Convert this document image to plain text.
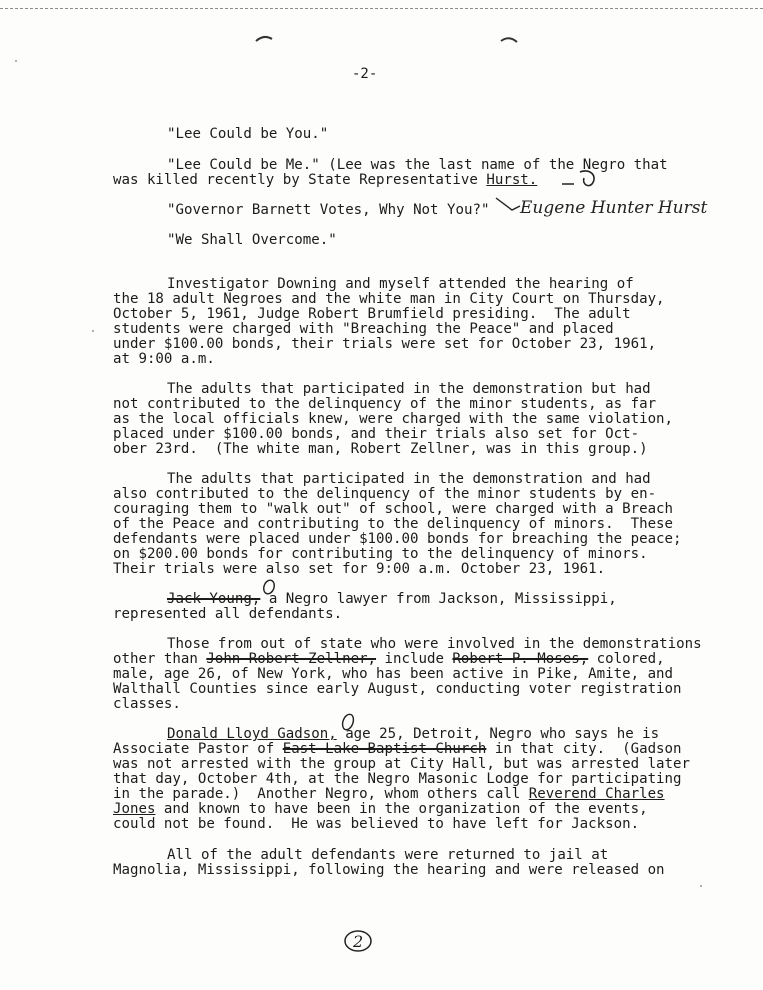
-2-
"Lee Could be You."
"Lee Could be Me." (Lee was the last name of the Negro that
was killed recently by State Representative Hurst.
"Governor Barnett Votes, Why Not You?"
"We Shall Overcome."
Eugene Hunter Hurst
Investigator Downing and myself attended the hearing of
the 18 adult Negroes and the white man in City Court on Thursday,
October 5, 1961, Judge Robert Brumfield presiding.  The adult
students were charged with "Breaching the Peace" and placed
under $100.00 bonds, their trials were set for October 23, 1961,
at 9:00 a.m.
The adults that participated in the demonstration but had
not contributed to the delinquency of the minor students, as far
as the local officials knew, were charged with the same violation,
placed under $100.00 bonds, and their trials also set for Oct-
ober 23rd.  (The white man, Robert Zellner, was in this group.)
The adults that participated in the demonstration and had
also contributed to the delinquency of the minor students by en-
couraging them to "walk out" of school, were charged with a Breach
of the Peace and contributing to the delinquency of minors.  These
defendants were placed under $100.00 bonds for breaching the peace;
on $200.00 bonds for contributing to the delinquency of minors.
Their trials were also set for 9:00 a.m. October 23, 1961.
Jack Young, a Negro lawyer from Jackson, Mississippi,
represented all defendants.
Those from out of state who were involved in the demonstrations
other than John Robert Zellner, include Robert P. Moses, colored,
male, age 26, of New York, who has been active in Pike, Amite, and
Walthall Counties since early August, conducting voter registration
classes.
Donald Lloyd Gadson, age 25, Detroit, Negro who says he is
Associate Pastor of East Lake Baptist Church in that city.  (Gadson
was not arrested with the group at City Hall, but was arrested later
that day, October 4th, at the Negro Masonic Lodge for participating
in the parade.)  Another Negro, whom others call Reverend Charles
Jones and known to have been in the organization of the events,
could not be found.  He was believed to have left for Jackson.
All of the adult defendants were returned to jail at
Magnolia, Mississippi, following the hearing and were released on
2
